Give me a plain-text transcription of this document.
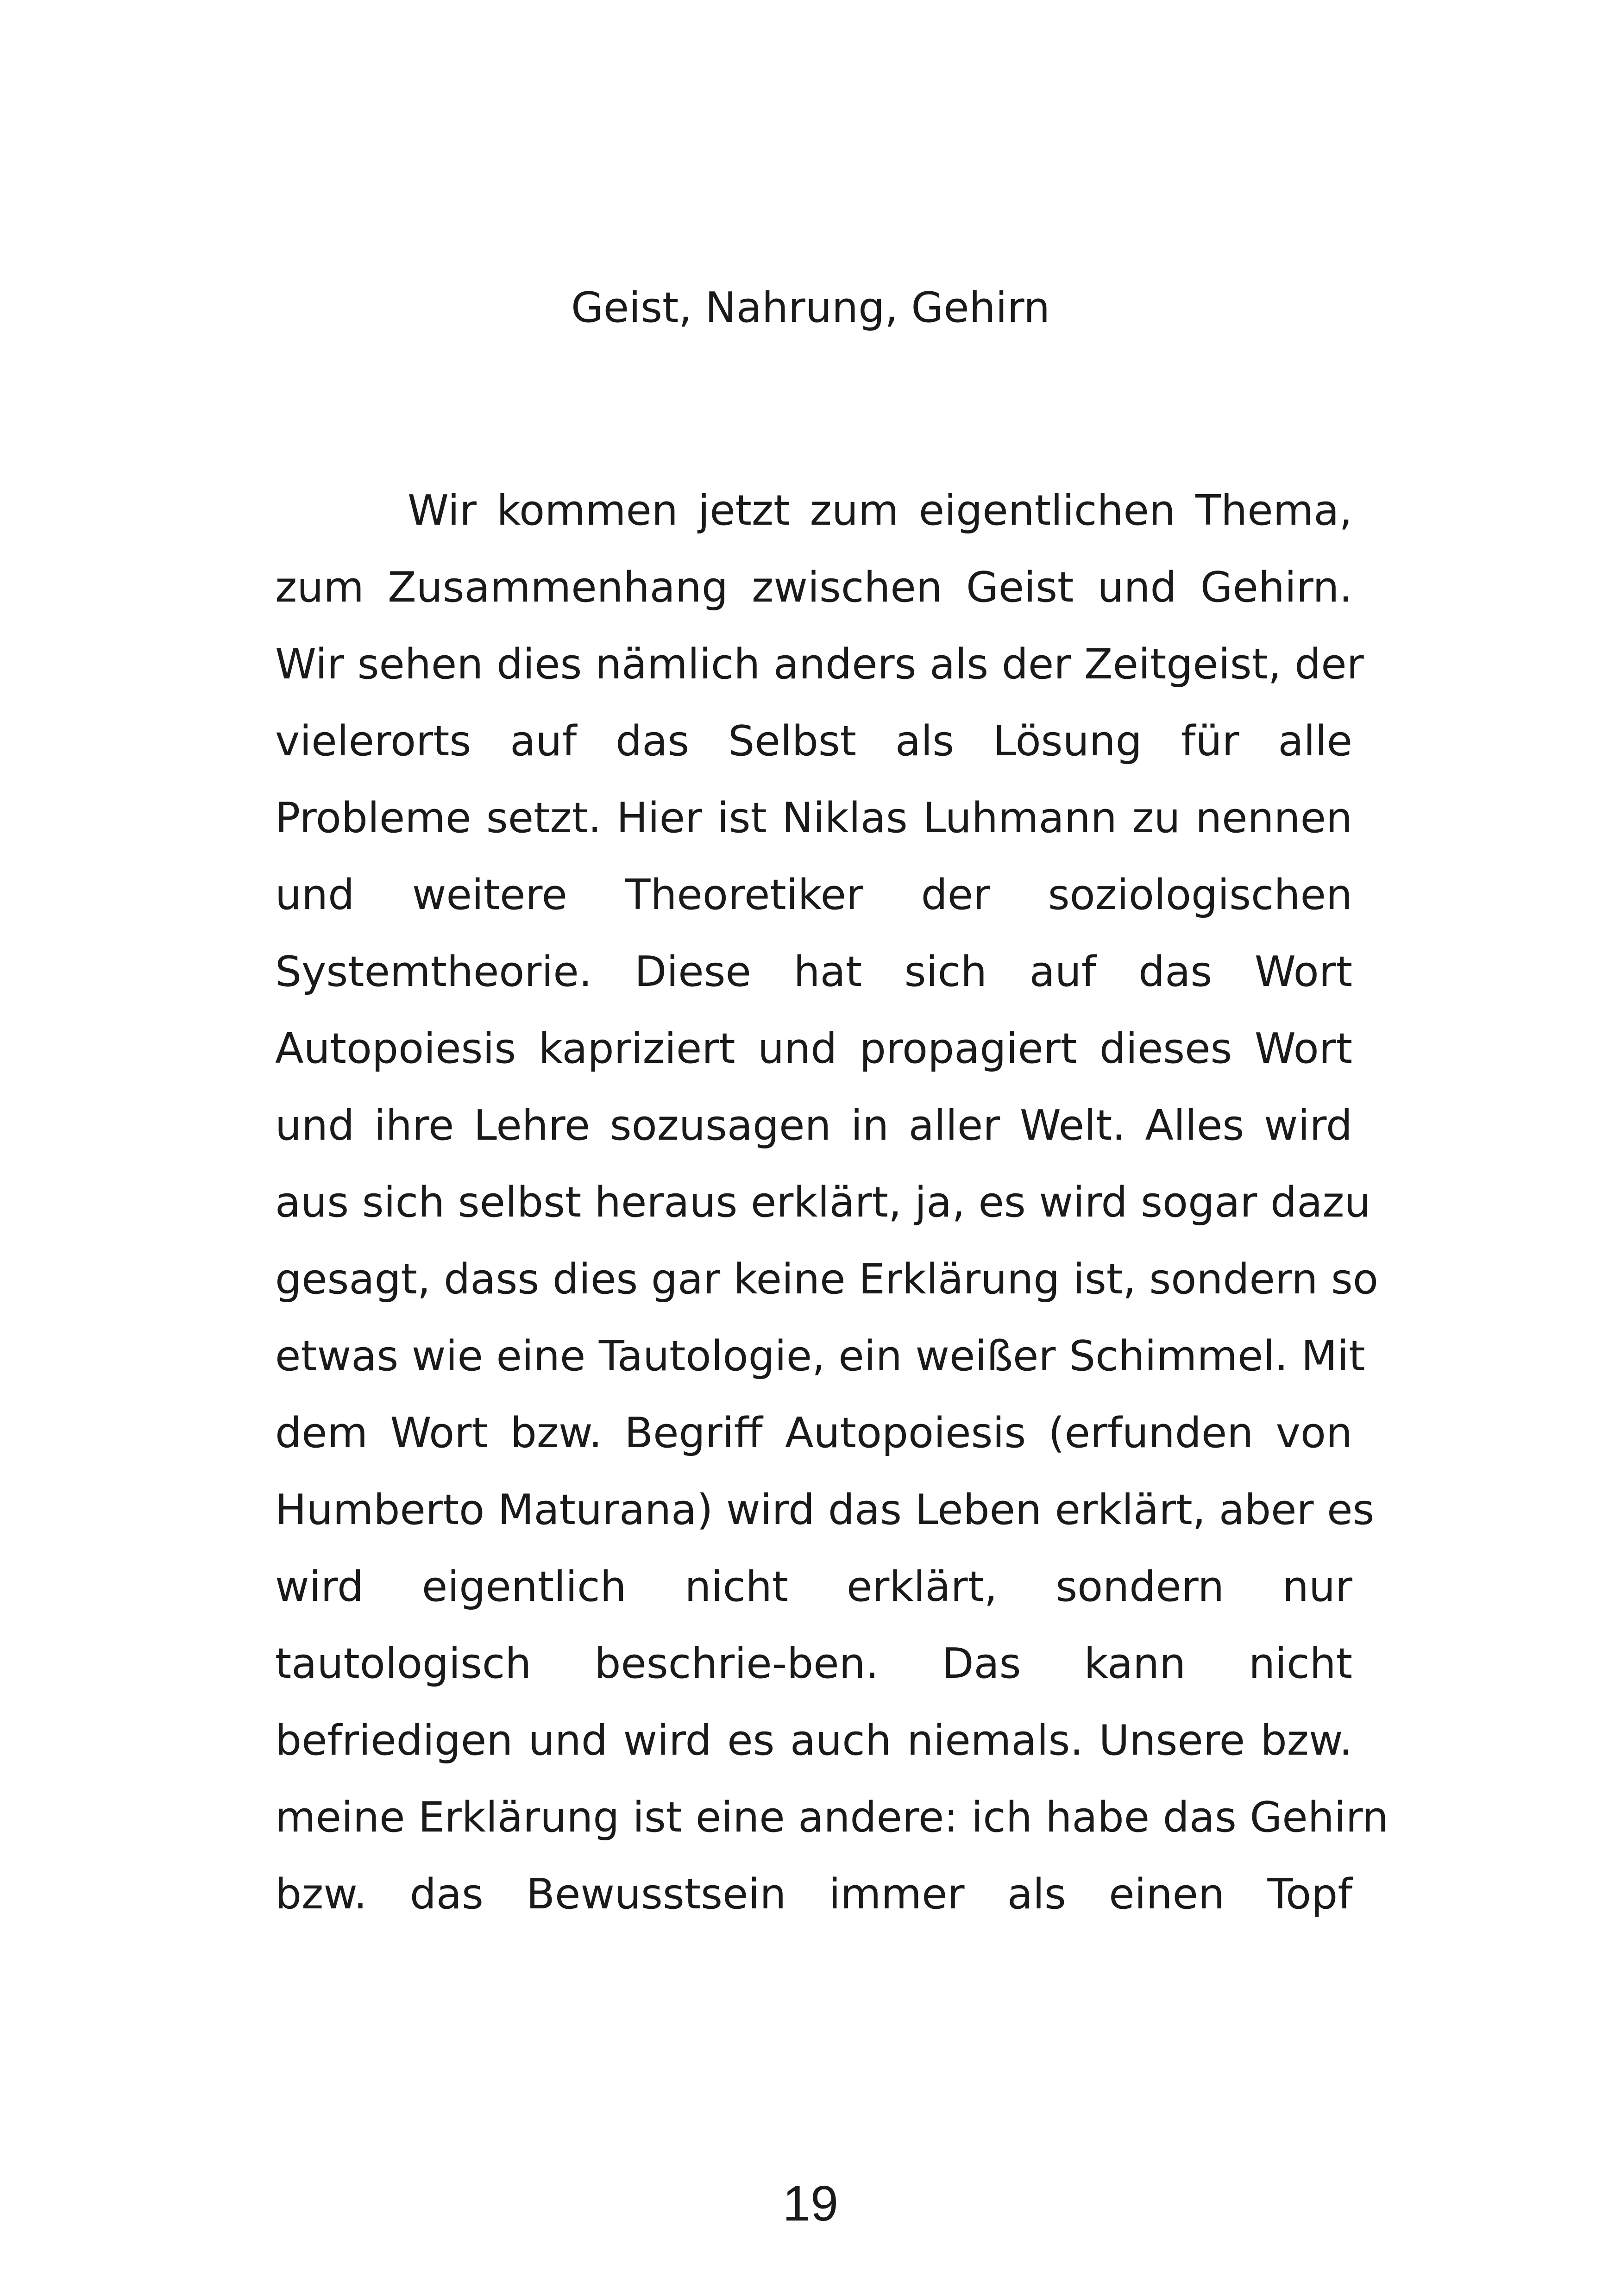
Geist, Nahrung, Gehirn
Wir kommen jetzt zum eigentlichen Thema,
zum Zusammenhang zwischen Geist und Gehirn.
Wir sehen dies nämlich anders als der Zeitgeist, der
vielerorts auf das Selbst als Lösung für alle
Probleme setzt. Hier ist Niklas Luhmann zu nennen
und weitere Theoretiker der soziologischen
Systemtheorie. Diese hat sich auf das Wort
Autopoiesis kapriziert und propagiert dieses Wort
und ihre Lehre sozusagen in aller Welt. Alles wird
aus sich selbst heraus erklärt, ja, es wird sogar dazu
gesagt, dass dies gar keine Erklärung ist, sondern so
etwas wie eine Tautologie, ein weißer Schimmel. Mit
dem Wort bzw. Begriff Autopoiesis (erfunden von
Humberto Maturana) wird das Leben erklärt, aber es
wird eigentlich nicht erklärt, sondern nur
tautologisch beschrie-ben. Das kann nicht
befriedigen und wird es auch niemals. Unsere bzw.
meine Erklärung ist eine andere: ich habe das Gehirn
bzw. das Bewusstsein immer als einen Topf
19
